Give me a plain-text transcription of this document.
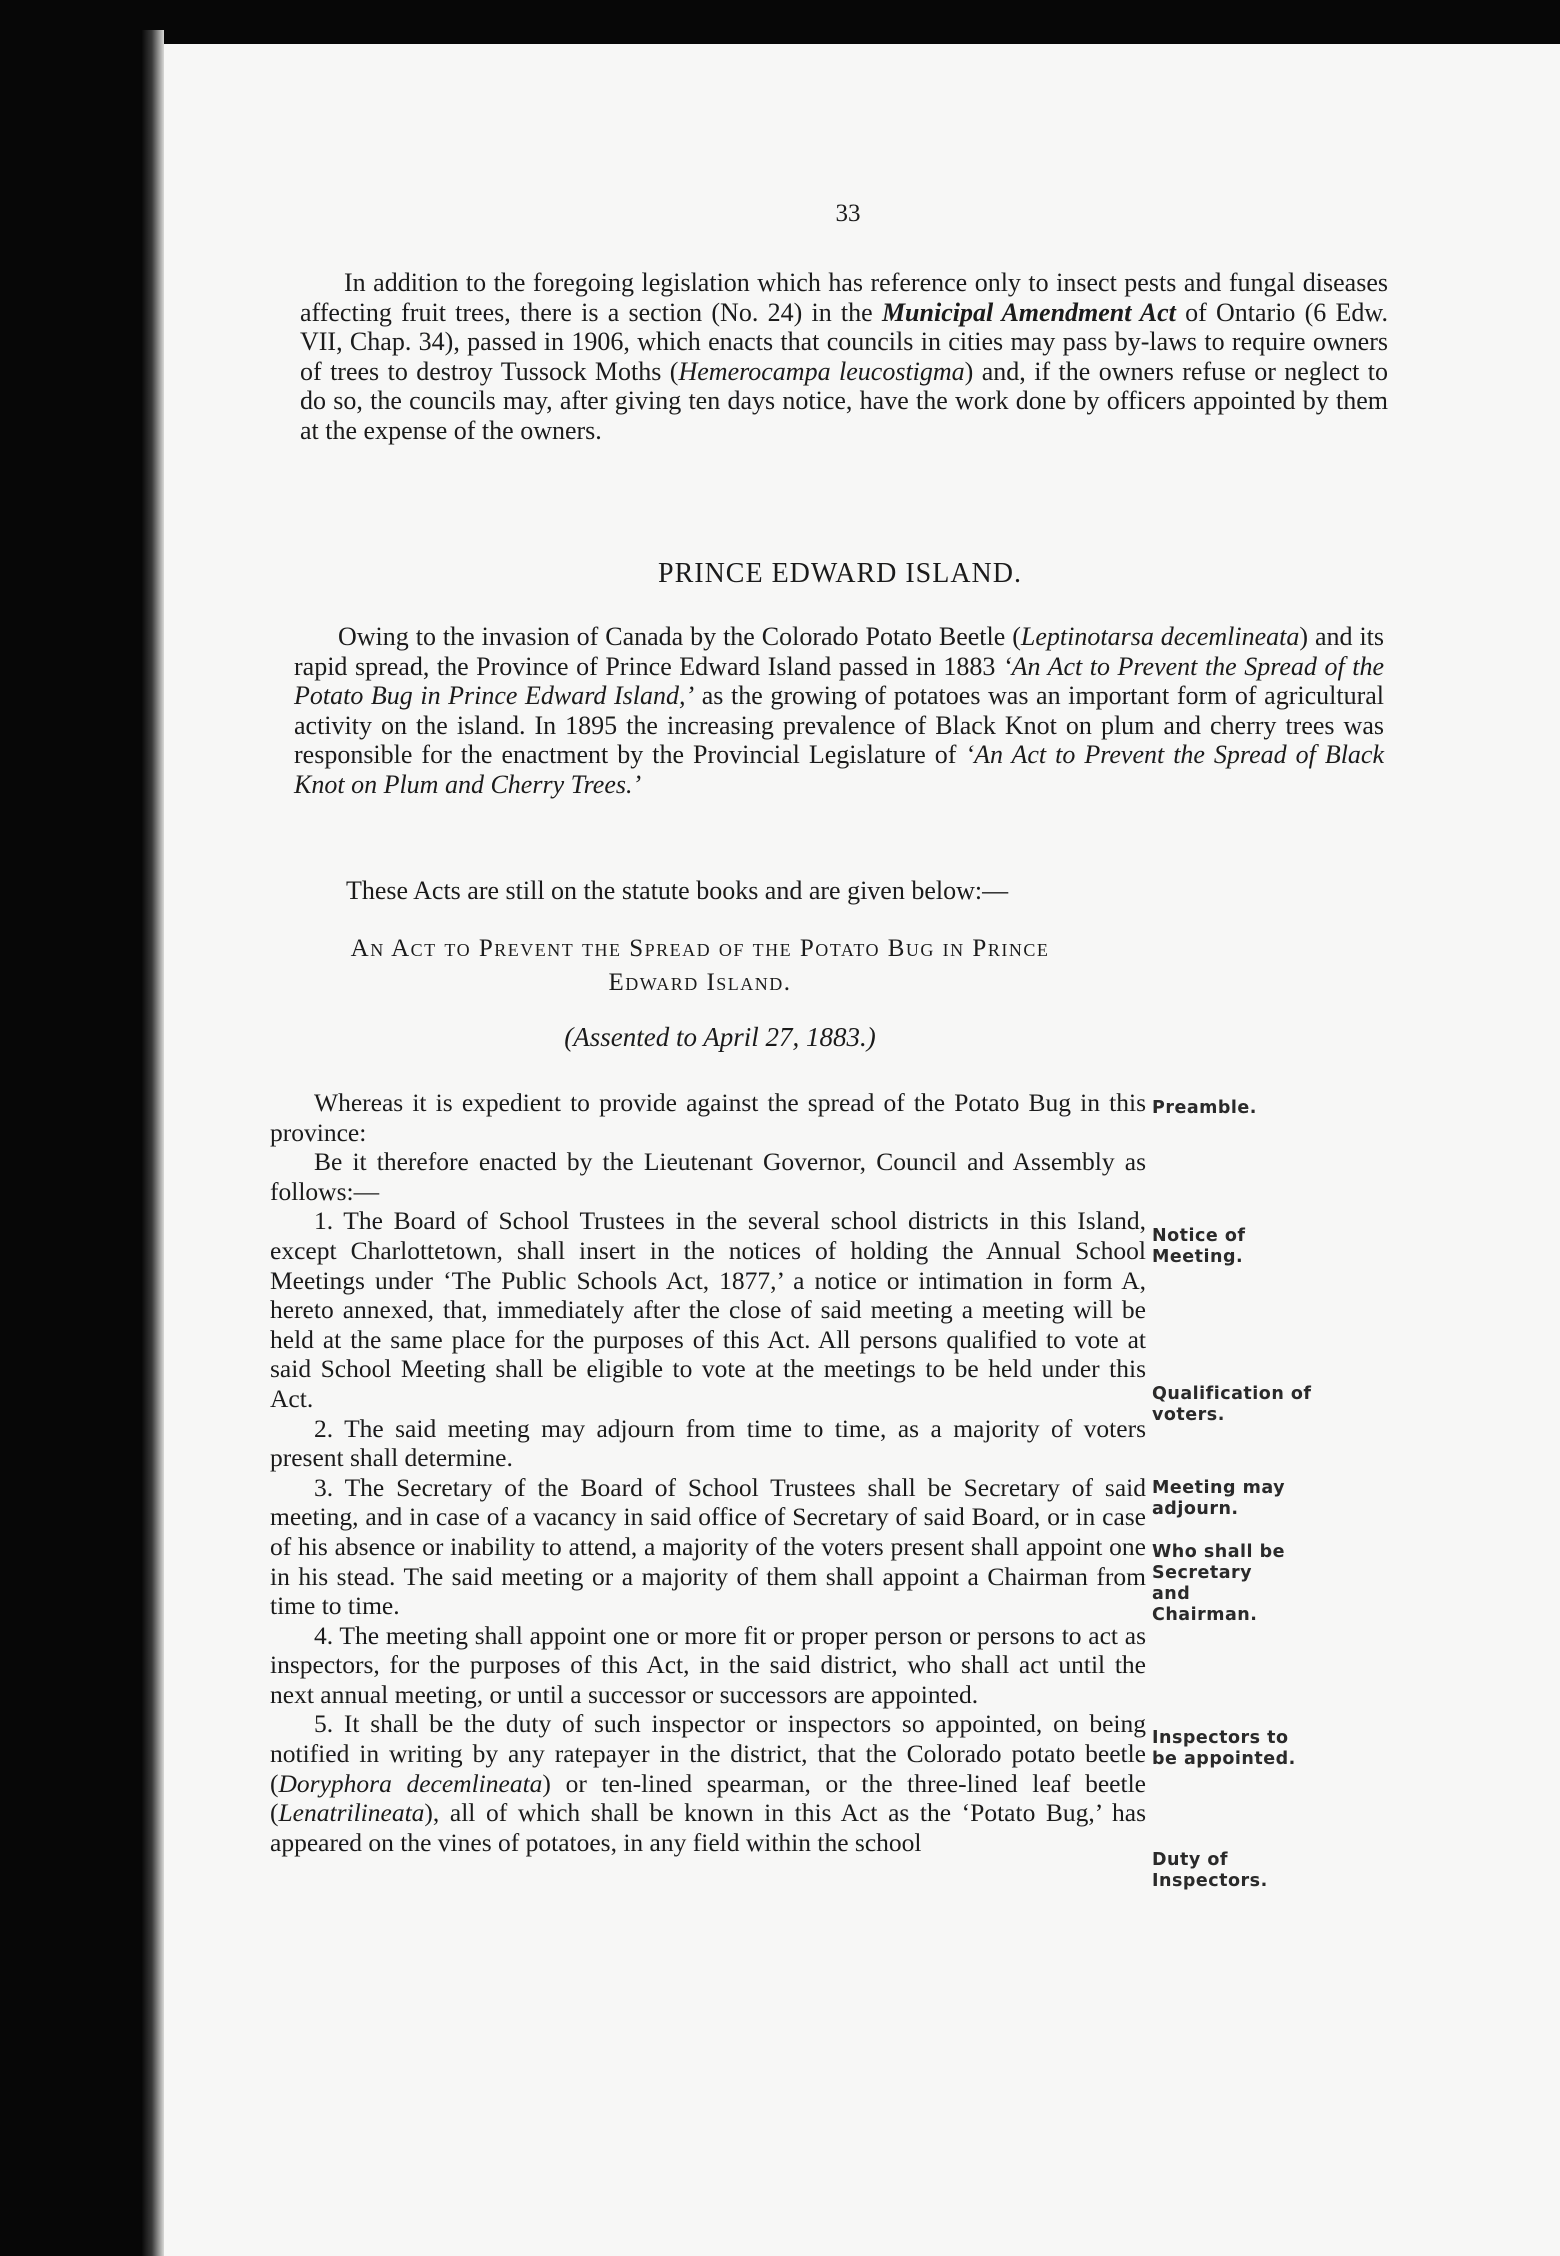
33

In addition to the foregoing legislation which has reference only to insect pests and fungal diseases affecting fruit trees, there is a section (No. 24) in the Municipal Amendment Act of Ontario (6 Edw. VII, Chap. 34), passed in 1906, which enacts that councils in cities may pass by-laws to require owners of trees to destroy Tussock Moths (Hemerocampa leucostigma) and, if the owners refuse or neglect to do so, the councils may, after giving ten days notice, have the work done by officers appointed by them at the expense of the owners.

PRINCE EDWARD ISLAND.

Owing to the invasion of Canada by the Colorado Potato Beetle (Leptinotarsa decemlineata) and its rapid spread, the Province of Prince Edward Island passed in 1883 ‘An Act to Prevent the Spread of the Potato Bug in Prince Edward Island,’ as the growing of potatoes was an important form of agricultural activity on the island. In 1895 the increasing prevalence of Black Knot on plum and cherry trees was responsible for the enactment by the Provincial Legislature of ‘An Act to Prevent the Spread of Black Knot on Plum and Cherry Trees.’

These Acts are still on the statute books and are given below:—

An Act to Prevent the Spread of the Potato Bug in Prince
Edward Island.
(Assented to April 27, 1883.)

Whereas it is expedient to provide against the spread of the Potato Bug in this province:

Be it therefore enacted by the Lieutenant Governor, Council and Assembly as follows:—

1. The Board of School Trustees in the several school districts in this Island, except Charlottetown, shall insert in the notices of holding the Annual School Meetings under ‘The Public Schools Act, 1877,’ a notice or intimation in form A, hereto annexed, that, immediately after the close of said meeting a meeting will be held at the same place for the purposes of this Act. All persons qualified to vote at said School Meeting shall be eligible to vote at the meetings to be held under this Act.

2. The said meeting may adjourn from time to time, as a majority of voters present shall determine.

3. The Secretary of the Board of School Trustees shall be Secretary of said meeting, and in case of a vacancy in said office of Secretary of said Board, or in case of his absence or inability to attend, a majority of the voters present shall appoint one in his stead. The said meeting or a majority of them shall appoint a Chairman from time to time.

4. The meeting shall appoint one or more fit or proper person or persons to act as inspectors, for the purposes of this Act, in the said district, who shall act until the next annual meeting, or until a successor or successors are appointed.

5. It shall be the duty of such inspector or inspectors so appointed, on being notified in writing by any ratepayer in the district, that the Colorado potato beetle (Doryphora decemlineata) or ten-lined spearman, or the three-lined leaf beetle (Lenatrilineata), all of which shall be known in this Act as the ‘Potato Bug,’ has appeared on the vines of potatoes, in any field within the school

Preamble.
Notice of Meeting.
Qualification of voters.
Meeting may adjourn.
Who shall be Secretary and Chairman.
Inspectors to be appointed.
Duty of Inspectors.
